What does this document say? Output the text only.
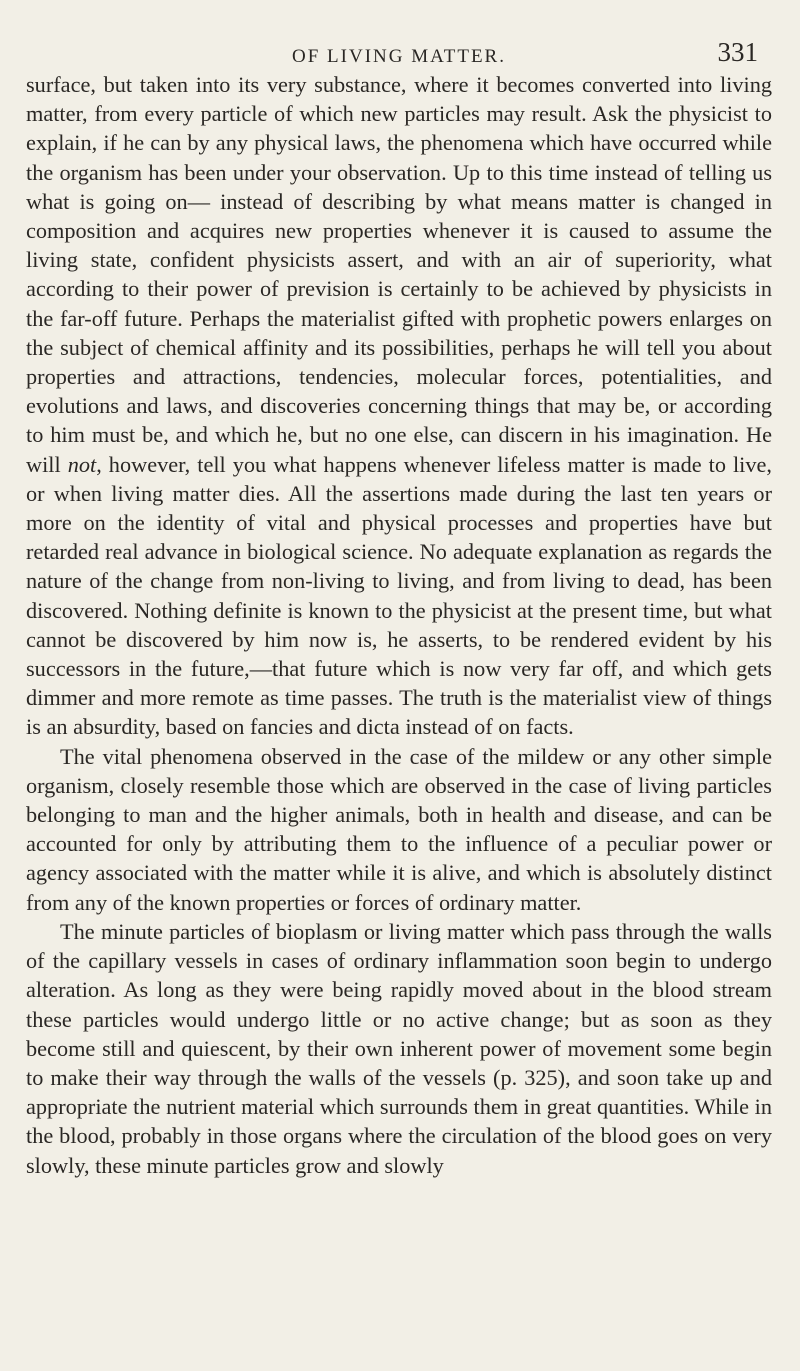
OF LIVING MATTER.	331

surface, but taken into its very substance, where it becomes converted into living matter, from every particle of which new particles may result. Ask the physicist to explain, if he can by any physical laws, the phenomena which have occurred while the organism has been under your observation. Up to this time instead of telling us what is going on— instead of describing by what means matter is changed in composition and acquires new properties whenever it is caused to assume the living state, confident physicists assert, and with an air of superiority, what according to their power of prevision is certainly to be achieved by physicists in the far-off future. Perhaps the materialist gifted with prophetic powers enlarges on the subject of chemical affinity and its possibilities, perhaps he will tell you about properties and attractions, tendencies, molecular forces, potentialities, and evolutions and laws, and discoveries concerning things that may be, or according to him must be, and which he, but no one else, can discern in his imagination. He will not, however, tell you what happens whenever lifeless matter is made to live, or when living matter dies. All the assertions made during the last ten years or more on the identity of vital and physical processes and properties have but retarded real advance in biological science. No adequate explanation as regards the nature of the change from non-living to living, and from living to dead, has been discovered. Nothing definite is known to the physicist at the present time, but what cannot be discovered by him now is, he asserts, to be rendered evident by his successors in the future,—that future which is now very far off, and which gets dimmer and more remote as time passes. The truth is the materialist view of things is an absurdity, based on fancies and dicta instead of on facts.

The vital phenomena observed in the case of the mildew or any other simple organism, closely resemble those which are observed in the case of living particles belonging to man and the higher animals, both in health and disease, and can be accounted for only by attributing them to the influence of a peculiar power or agency associated with the matter while it is alive, and which is absolutely distinct from any of the known properties or forces of ordinary matter.

The minute particles of bioplasm or living matter which pass through the walls of the capillary vessels in cases of ordinary inflammation soon begin to undergo alteration. As long as they were being rapidly moved about in the blood stream these particles would undergo little or no active change; but as soon as they become still and quiescent, by their own inherent power of movement some begin to make their way through the walls of the vessels (p. 325), and soon take up and appropriate the nutrient material which surrounds them in great quantities. While in the blood, probably in those organs where the circulation of the blood goes on very slowly, these minute particles grow and slowly
